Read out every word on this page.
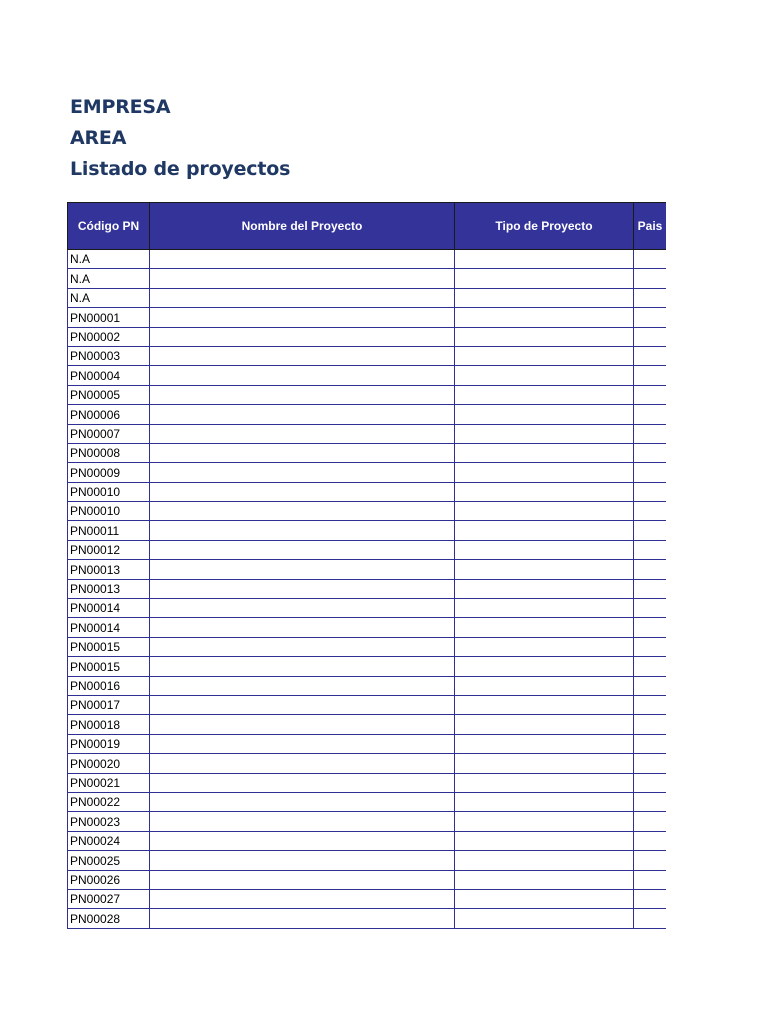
EMPRESA
AREA
Listado de proyectos
Código PN	Nombre del Proyecto	Tipo de Proyecto	Pais
N.A			
N.A			
N.A			
PN00001			
PN00002			
PN00003			
PN00004			
PN00005			
PN00006			
PN00007			
PN00008			
PN00009			
PN00010			
PN00010			
PN00011			
PN00012			
PN00013			
PN00013			
PN00014			
PN00014			
PN00015			
PN00015			
PN00016			
PN00017			
PN00018			
PN00019			
PN00020			
PN00021			
PN00022			
PN00023			
PN00024			
PN00025			
PN00026			
PN00027			
PN00028			
